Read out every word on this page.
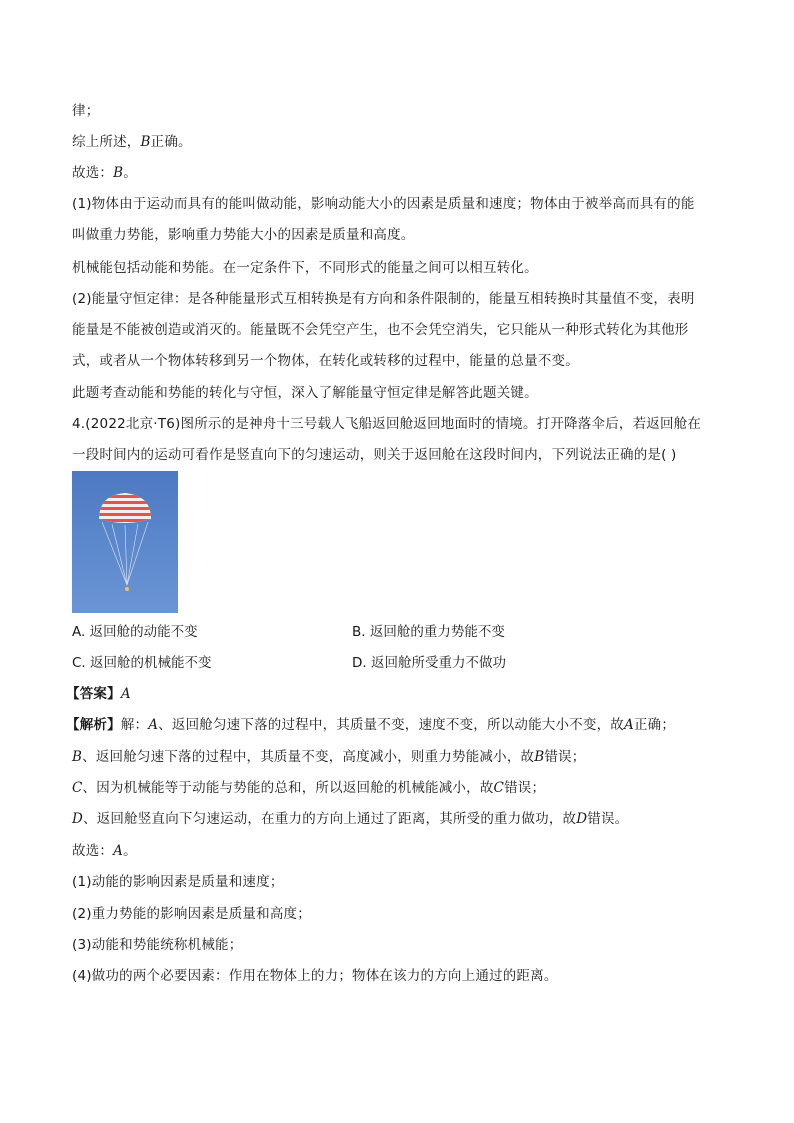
律；
综上所述，B正确。
故选：B。
(1)物体由于运动而具有的能叫做动能，影响动能大小的因素是质量和速度；物体由于被举高而具有的能
叫做重力势能，影响重力势能大小的因素是质量和高度。
机械能包括动能和势能。在一定条件下，不同形式的能量之间可以相互转化。
(2)能量守恒定律：是各种能量形式互相转换是有方向和条件限制的，能量互相转换时其量值不变，表明
能量是不能被创造或消灭的。能量既不会凭空产生，也不会凭空消失，它只能从一种形式转化为其他形
式，或者从一个物体转移到另一个物体，在转化或转移的过程中，能量的总量不变。
此题考查动能和势能的转化与守恒，深入了解能量守恒定律是解答此题关键。
4.(2022北京·T6)图所示的是神舟十三号载人飞船返回舱返回地面时的情境。打开降落伞后，若返回舱在
一段时间内的运动可看作是竖直向下的匀速运动，则关于返回舱在这段时间内，下列说法正确的是( )
A. 返回舱的动能不变	B. 返回舱的重力势能不变
C. 返回舱的机械能不变	D. 返回舱所受重力不做功
【答案】A
【解析】解：A、返回舱匀速下落的过程中，其质量不变，速度不变，所以动能大小不变，故A正确；
B、返回舱匀速下落的过程中，其质量不变，高度减小，则重力势能减小，故B错误；
C、因为机械能等于动能与势能的总和，所以返回舱的机械能减小，故C错误；
D、返回舱竖直向下匀速运动，在重力的方向上通过了距离，其所受的重力做功，故D错误。
故选：A。
(1)动能的影响因素是质量和速度；
(2)重力势能的影响因素是质量和高度；
(3)动能和势能统称机械能；
(4)做功的两个必要因素：作用在物体上的力；物体在该力的方向上通过的距离。
